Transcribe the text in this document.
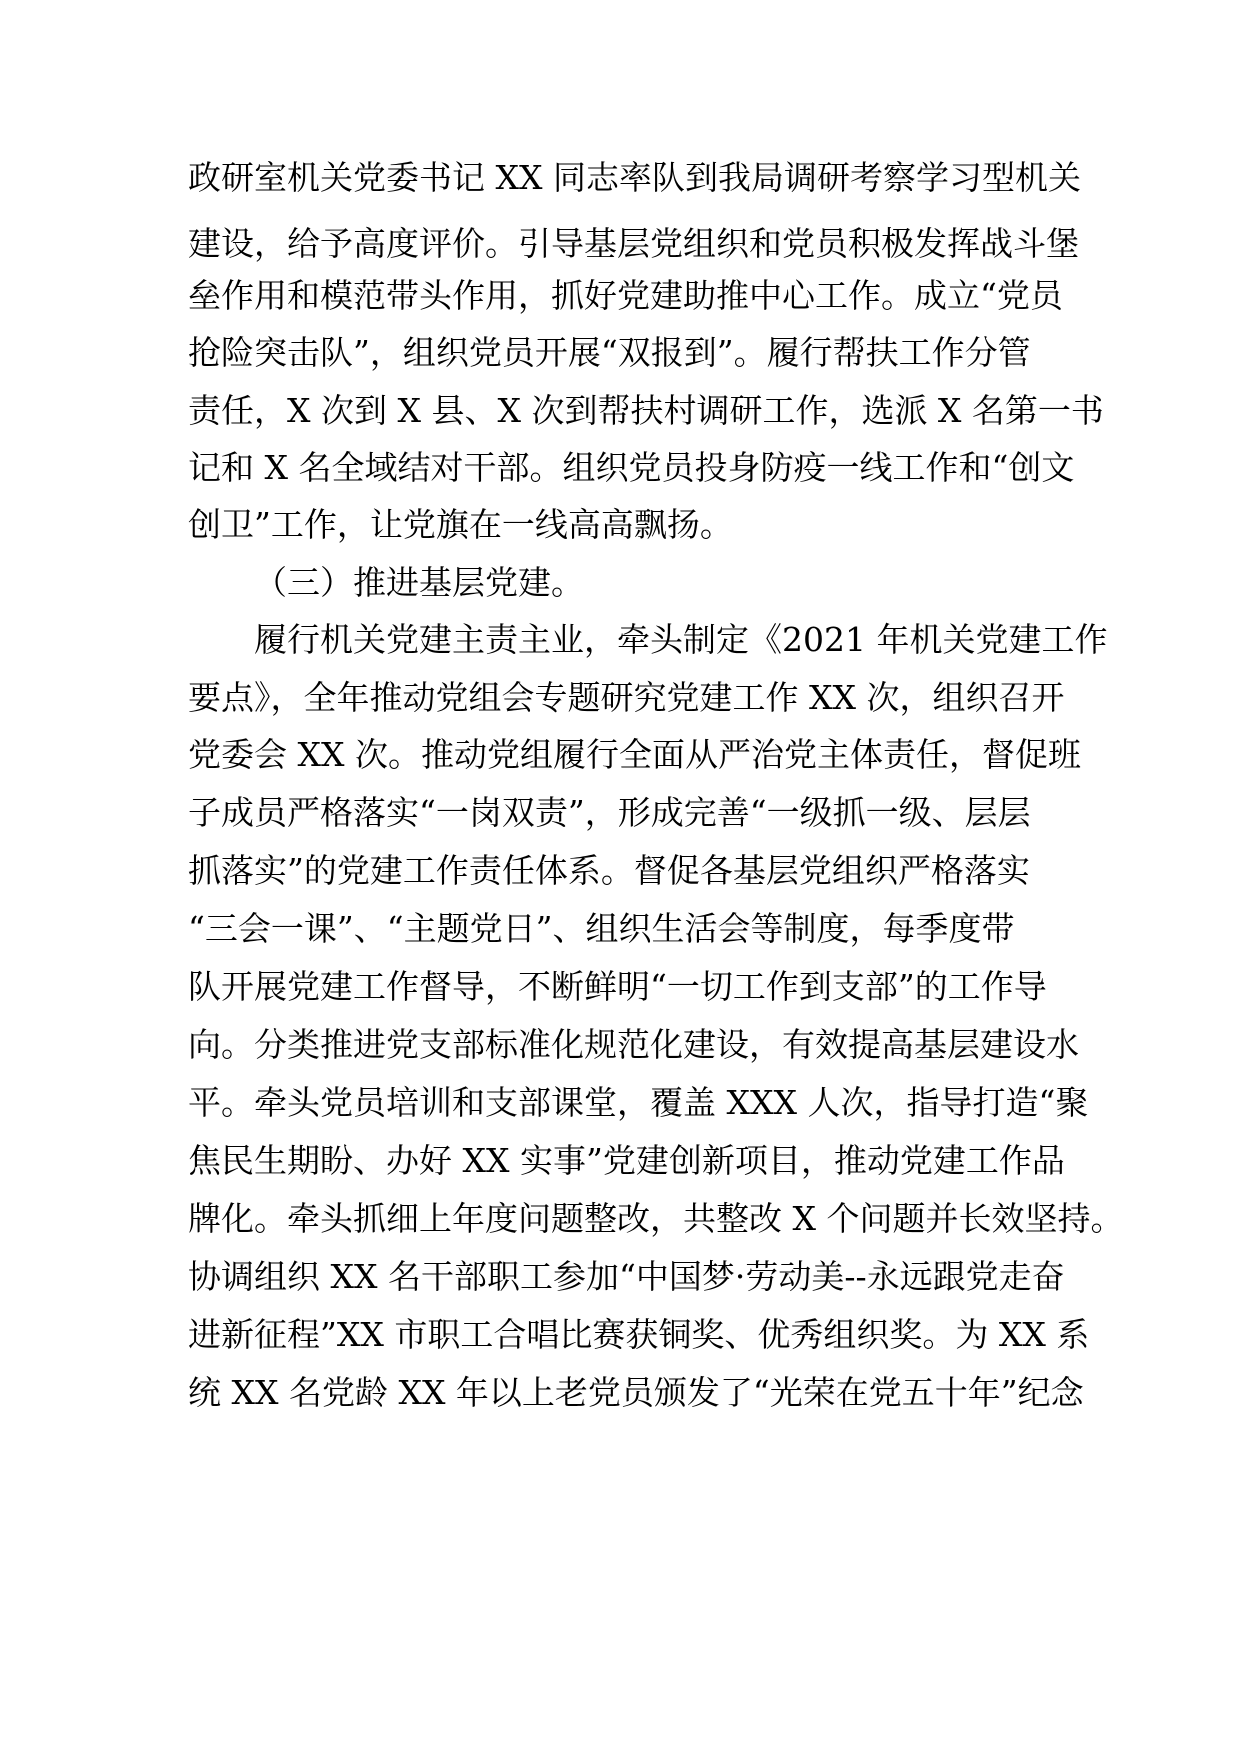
政研室机关党委书记 XX 同志率队到我局调研考察学习型机关
建设，给予高度评价。引导基层党组织和党员积极发挥战斗堡
垒作用和模范带头作用，抓好党建助推中心工作。成立“党员
抢险突击队”，组织党员开展“双报到”。履行帮扶工作分管
责任，X 次到 X 县、X 次到帮扶村调研工作，选派 X 名第一书
记和 X 名全域结对干部。组织党员投身防疫一线工作和“创文
创卫”工作，让党旗在一线高高飘扬。
（三）推进基层党建。
履行机关党建主责主业，牵头制定《2021 年机关党建工作
要点》，全年推动党组会专题研究党建工作 XX 次，组织召开
党委会 XX 次。推动党组履行全面从严治党主体责任，督促班
子成员严格落实“一岗双责”，形成完善“一级抓一级、层层
抓落实”的党建工作责任体系。督促各基层党组织严格落实
“三会一课”、“主题党日”、组织生活会等制度，每季度带
队开展党建工作督导，不断鲜明“一切工作到支部”的工作导
向。分类推进党支部标准化规范化建设，有效提高基层建设水
平。牵头党员培训和支部课堂，覆盖 XXX 人次，指导打造“聚
焦民生期盼、办好 XX 实事”党建创新项目，推动党建工作品
牌化。牵头抓细上年度问题整改，共整改 X 个问题并长效坚持。
协调组织 XX 名干部职工参加“中国梦·劳动美--永远跟党走奋
进新征程”XX 市职工合唱比赛获铜奖、优秀组织奖。为 XX 系
统 XX 名党龄 XX 年以上老党员颁发了“光荣在党五十年”纪念
